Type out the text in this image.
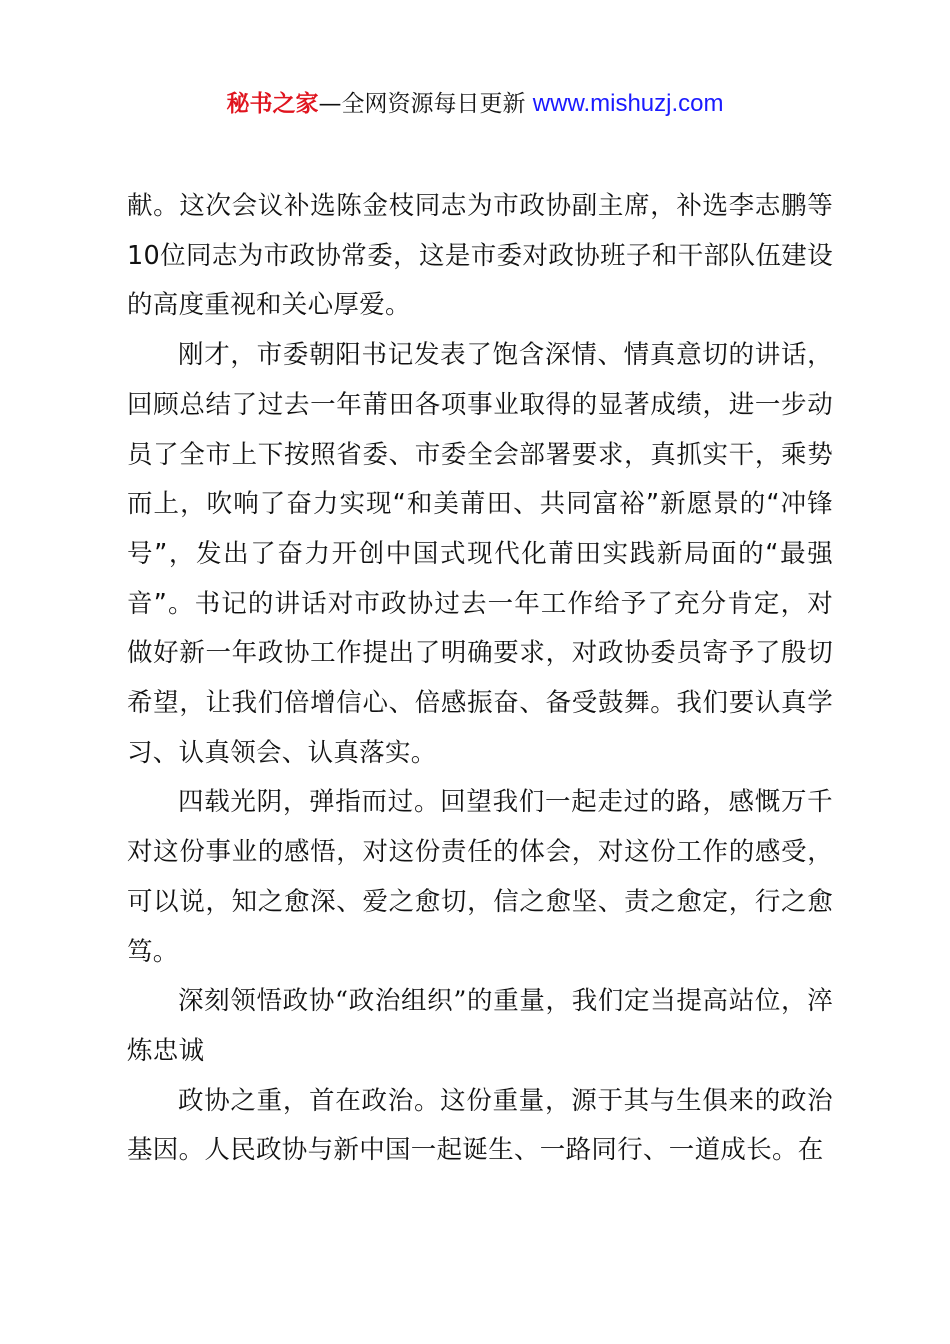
秘书之家—全网资源每日更新 www.mishuzj.com

献。这次会议补选陈金枝同志为市政协副主席，补选李志鹏等10位同志为市政协常委，这是市委对政协班子和干部队伍建设的高度重视和关心厚爱。

刚才，市委朝阳书记发表了饱含深情、情真意切的讲话，回顾总结了过去一年莆田各项事业取得的显著成绩，进一步动员了全市上下按照省委、市委全会部署要求，真抓实干，乘势而上，吹响了奋力实现“和美莆田、共同富裕”新愿景的“冲锋号”，发出了奋力开创中国式现代化莆田实践新局面的“最强音”。书记的讲话对市政协过去一年工作给予了充分肯定，对做好新一年政协工作提出了明确要求，对政协委员寄予了殷切希望，让我们倍增信心、倍感振奋、备受鼓舞。我们要认真学习、认真领会、认真落实。

四载光阴，弹指而过。回望我们一起走过的路，感慨万千对这份事业的感悟，对这份责任的体会，对这份工作的感受，可以说，知之愈深、爱之愈切，信之愈坚、责之愈定，行之愈笃。

深刻领悟政协“政治组织”的重量，我们定当提高站位，淬炼忠诚

政协之重，首在政治。这份重量，源于其与生俱来的政治基因。人民政协与新中国一起诞生、一路同行、一道成长。在
